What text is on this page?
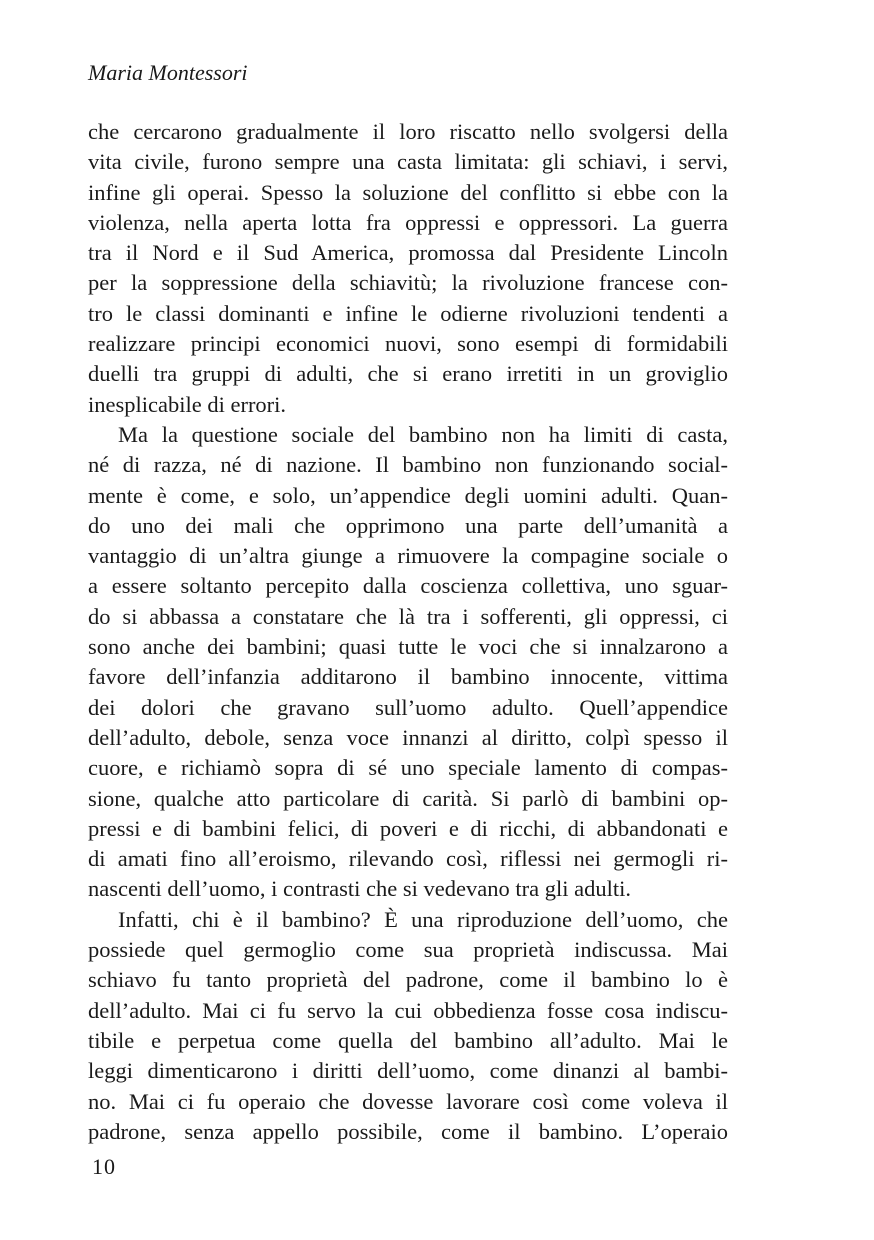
Maria Montessori
che cercarono gradualmente il loro riscatto nello svolgersi della
vita civile, furono sempre una casta limitata: gli schiavi, i servi,
infine gli operai. Spesso la soluzione del conflitto si ebbe con la
violenza, nella aperta lotta fra oppressi e oppressori. La guerra
tra il Nord e il Sud America, promossa dal Presidente Lincoln
per la soppressione della schiavitù; la rivoluzione francese con-
tro le classi dominanti e infine le odierne rivoluzioni tendenti a
realizzare principi economici nuovi, sono esempi di formidabili
duelli tra gruppi di adulti, che si erano irretiti in un groviglio
inesplicabile di errori.
Ma la questione sociale del bambino non ha limiti di casta,
né di razza, né di nazione. Il bambino non funzionando social-
mente è come, e solo, un’appendice degli uomini adulti. Quan-
do uno dei mali che opprimono una parte dell’umanità a
vantaggio di un’altra giunge a rimuovere la compagine sociale o
a essere soltanto percepito dalla coscienza collettiva, uno sguar-
do si abbassa a constatare che là tra i sofferenti, gli oppressi, ci
sono anche dei bambini; quasi tutte le voci che si innalzarono a
favore dell’infanzia additarono il bambino innocente, vittima
dei dolori che gravano sull’uomo adulto. Quell’appendice
dell’adulto, debole, senza voce innanzi al diritto, colpì spesso il
cuore, e richiamò sopra di sé uno speciale lamento di compas-
sione, qualche atto particolare di carità. Si parlò di bambini op-
pressi e di bambini felici, di poveri e di ricchi, di abbandonati e
di amati fino all’eroismo, rilevando così, riflessi nei germogli ri-
nascenti dell’uomo, i contrasti che si vedevano tra gli adulti.
Infatti, chi è il bambino? È una riproduzione dell’uomo, che
possiede quel germoglio come sua proprietà indiscussa. Mai
schiavo fu tanto proprietà del padrone, come il bambino lo è
dell’adulto. Mai ci fu servo la cui obbedienza fosse cosa indiscu-
tibile e perpetua come quella del bambino all’adulto. Mai le
leggi dimenticarono i diritti dell’uomo, come dinanzi al bambi-
no. Mai ci fu operaio che dovesse lavorare così come voleva il
padrone, senza appello possibile, come il bambino. L’operaio
10
